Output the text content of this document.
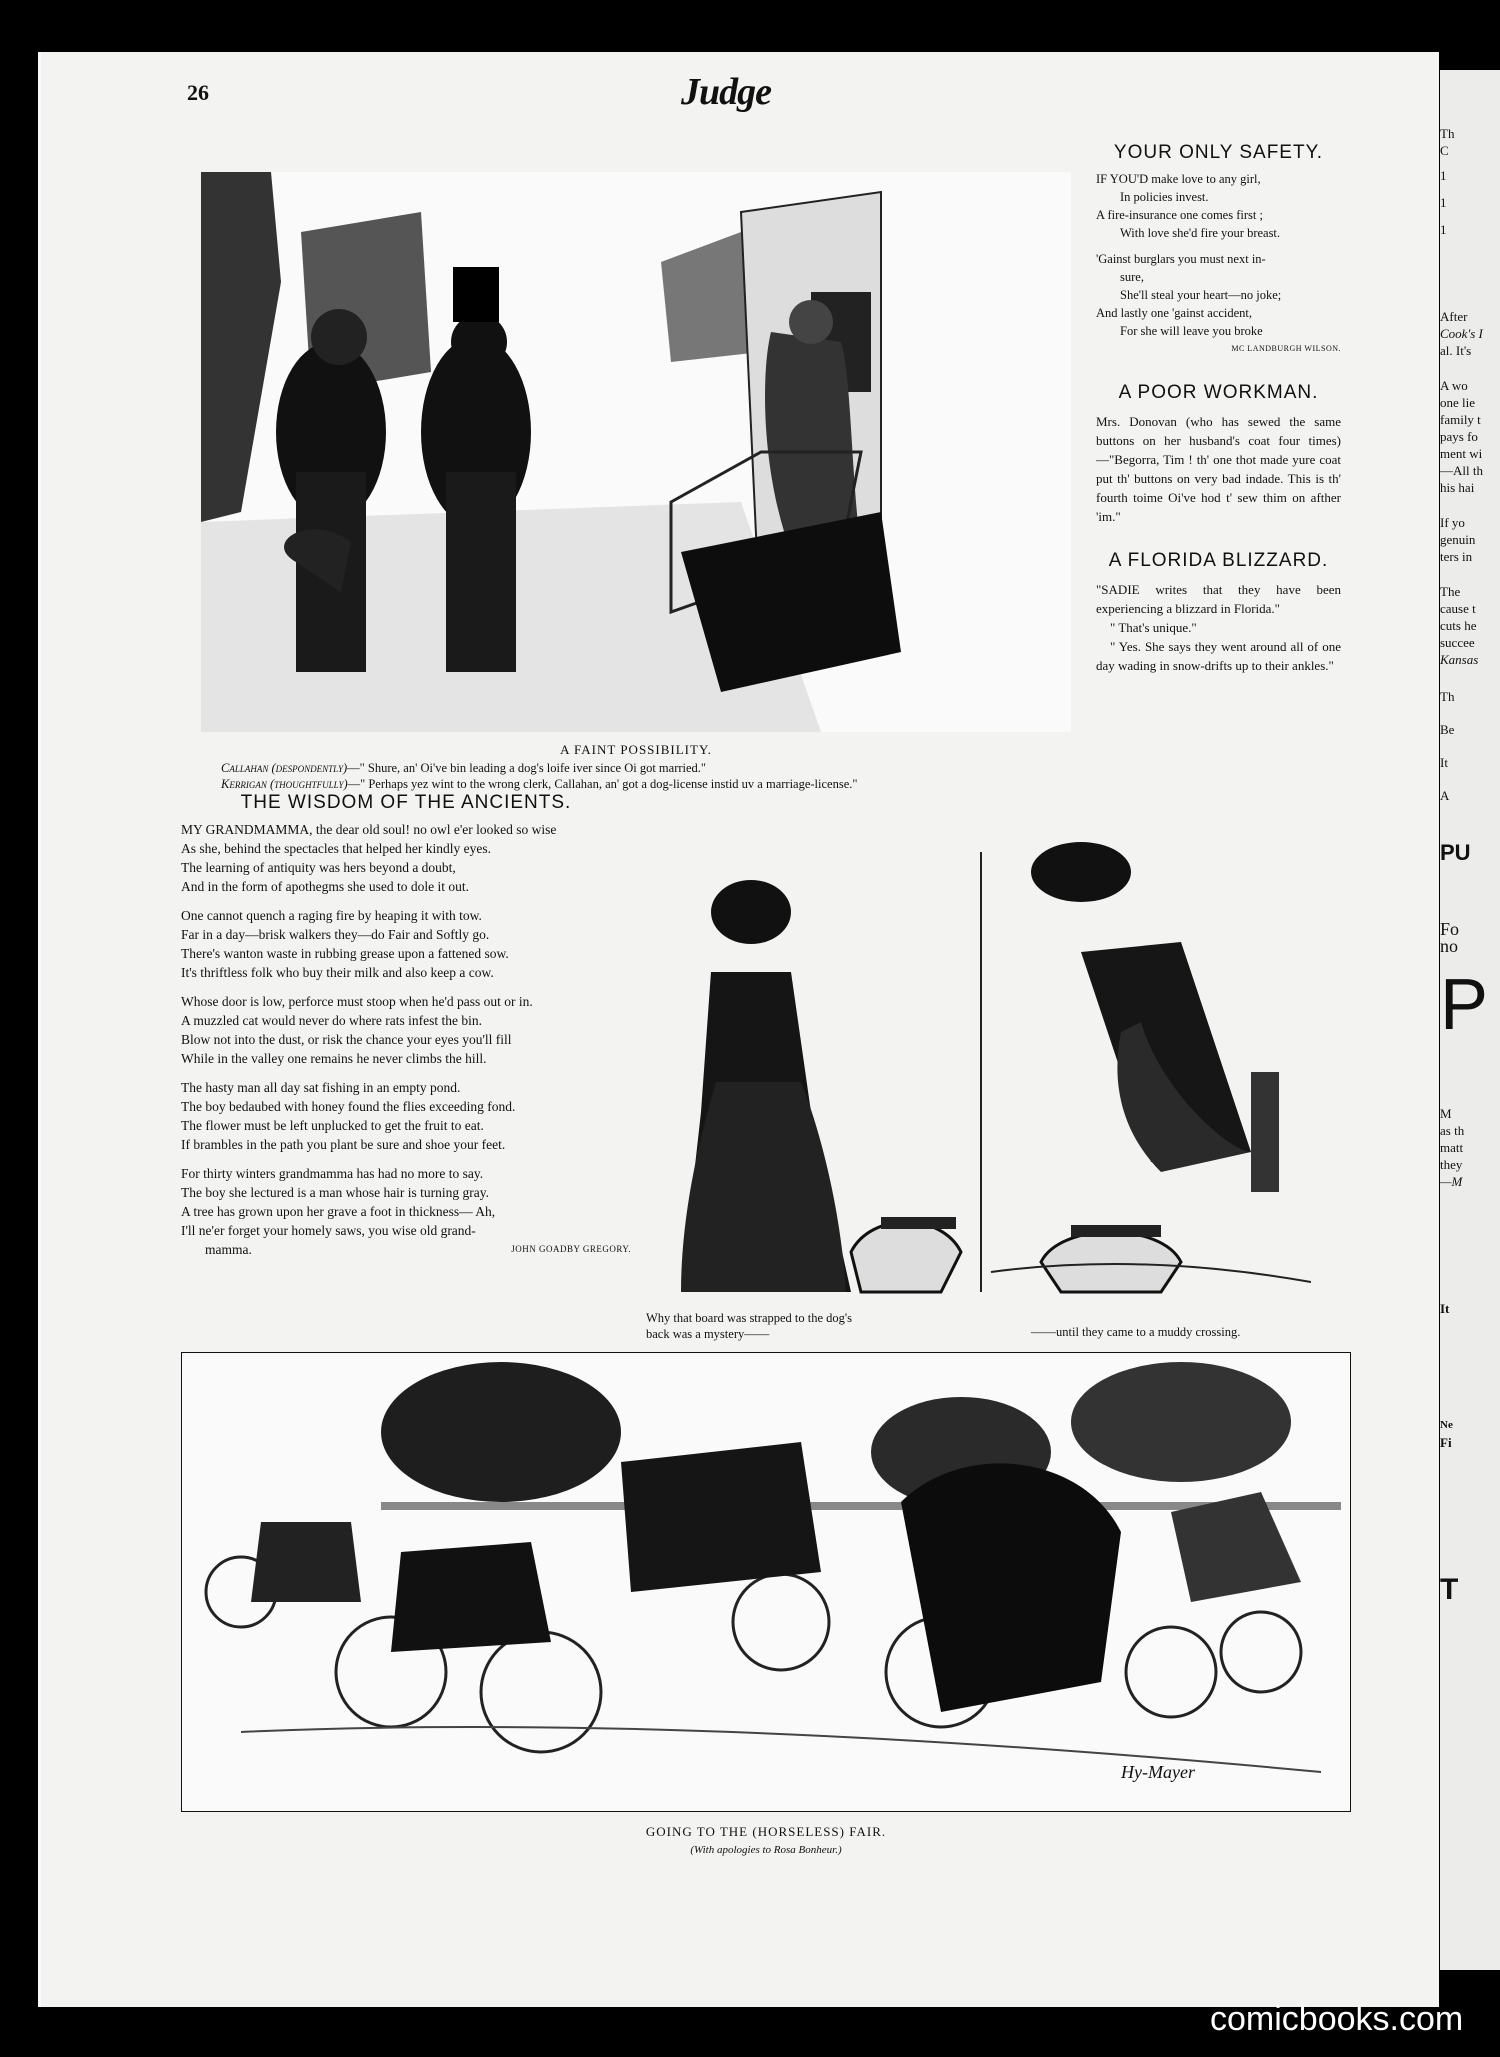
26	Judge
A FAINT POSSIBILITY.
Callahan (despondently)—" Shure, an' Oi've bin leading a dog's loife iver since Oi got married."
Kerrigan (thoughtfully)—" Perhaps yez wint to the wrong clerk, Callahan, an' got a dog-license instid uv a marriage-license."
YOUR ONLY SAFETY.

IF YOU'D make love to any girl,

In policies invest.

A fire-insurance one comes first ;

With love she'd fire your breast.

'Gainst burglars you must next in-

sure,

She'll steal your heart—no joke;

And lastly one 'gainst accident,

For she will leave you broke

MC LANDBURGH WILSON.
A POOR WORKMAN.
Mrs. Donovan (who has sewed the same buttons on her husband's coat four times)—"Begorra, Tim ! th' one thot made yure coat put th' buttons on very bad indade. This is th' fourth toime Oi've hod t' sew thim on afther 'im."
A FLORIDA BLIZZARD.
"SADIE writes that they have been experiencing a blizzard in Florida."
" That's unique."
" Yes. She says they went around all of one day wading in snow-drifts up to their ankles."
THE WISDOM OF THE ANCIENTS.

MY GRANDMAMMA, the dear old soul! no owl e'er looked so wise

As she, behind the spectacles that helped her kindly eyes.

The learning of antiquity was hers beyond a doubt,

And in the form of apothegms she used to dole it out.

One cannot quench a raging fire by heaping it with tow.

Far in a day—brisk walkers they—do Fair and Softly go.

There's wanton waste in rubbing grease upon a fattened sow.

It's thriftless folk who buy their milk and also keep a cow.

Whose door is low, perforce must stoop when he'd pass out or in.

A muzzled cat would never do where rats infest the bin.

Blow not into the dust, or risk the chance your eyes you'll fill

While in the valley one remains he never climbs the hill.

The hasty man all day sat fishing in an empty pond.

The boy bedaubed with honey found the flies exceeding fond.

The flower must be left unplucked to get the fruit to eat.

If brambles in the path you plant be sure and shoe your feet.

For thirty winters grandmamma has had no more to say.

The boy she lectured is a man whose hair is turning gray.

A tree has grown upon her grave a foot in thickness— Ah,

I'll ne'er forget your homely saws, you wise old grand-

mamma.	JOHN GOADBY GREGORY.

Why that board was strapped to the dog's back was a mystery——	——until they came to a muddy crossing.
Hy-Mayer
GOING TO THE (HORSELESS) FAIR.
(With apologies to Rosa Bonheur.)
Th
C
1
1
1
After
Cook's I
al. It's
A wo
one lie
family t
pays fo
ment wi
—All th
his hai
If yo
genuin
ters in
The
cause t
cuts he
succee
Kansas
Th
Be
It
A
PU
Fo
no
P
M
as th
matt
they
—M
It
Ne
Fi
T
comicbooks.com
